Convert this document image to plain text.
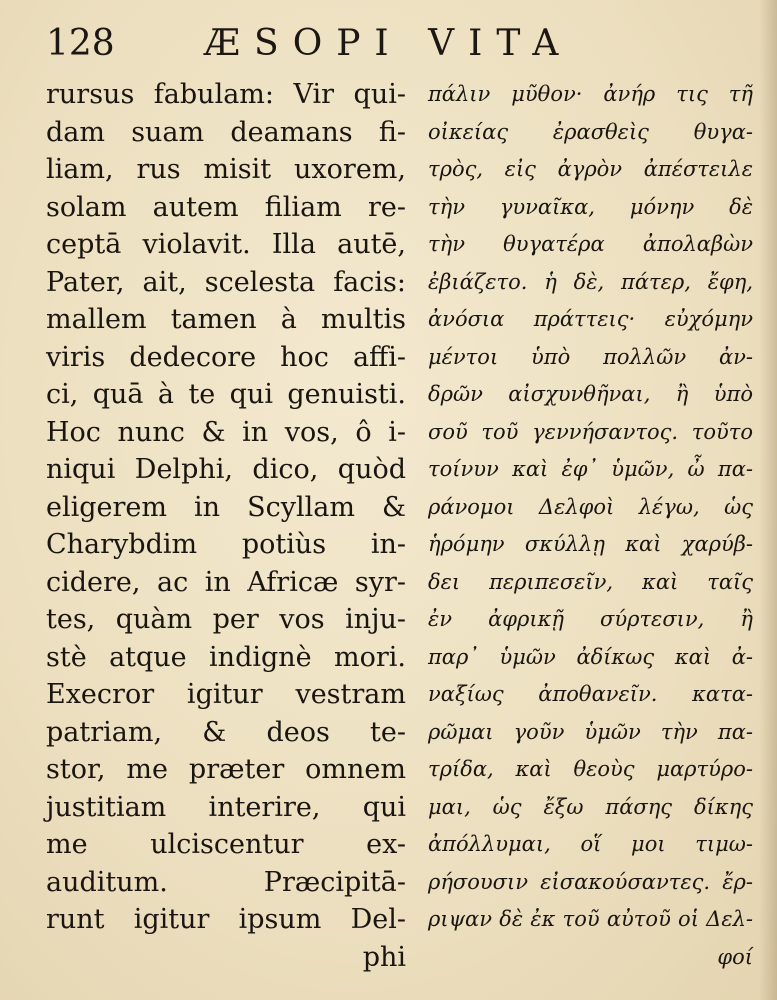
128 ÆSOPI VITA
rursus fabulam: Vir qui-
dam suam deamans fi-
liam, rus misit uxorem,
solam autem filiam re-
ceptā violavit. Illa autē,
Pater, ait, scelesta facis:
mallem tamen à multis
viris dedecore hoc affi-
ci, quā à te qui genuisti.
Hoc nunc & in vos, ô i-
niqui Delphi, dico, quòd
eligerem in Scyllam &
Charybdim potiùs in-
cidere, ac in Africæ syr-
tes, quàm per vos inju-
stè atque indignè mori.
Execror igitur vestram
patriam, & deos te-
stor, me præter omnem
justitiam interire, qui
me ulciscentur ex-
auditum. Præcipitā-
runt igitur ipsum Del-
phi
πάλιν μῦθον· ἀνήρ τις τῆ
οἰκείας ἐρασθεὶς θυγα-
τρὸς, εἰς ἀγρὸν ἀπέστειλε
τὴν γυναῖκα, μόνην δὲ
τὴν θυγατέρα ἀπολαβὼν
ἐβιάζετο. ἡ δὲ, πάτερ, ἔφη,
ἀνόσια πράττεις· εὐχόμην
μέντοι ὑπὸ πολλῶν ἀν-
δρῶν αἰσχυνθῆναι, ἢ ὑπὸ
σοῦ τοῦ γεννήσαντος. τοῦτο
τοίνυν καὶ ἐφ᾽ ὑμῶν, ὦ πα-
ράνομοι Δελφοὶ λέγω, ὡς
ἡρόμην σκύλλῃ καὶ χαρύβ-
δει περιπεσεῖν, καὶ ταῖς
ἐν ἀφρικῇ σύρτεσιν, ἢ
παρ᾽ ὑμῶν ἀδίκως καὶ ἀ-
ναξίως ἀποθανεῖν. κατα-
ρῶμαι γοῦν ὑμῶν τὴν πα-
τρίδα, καὶ θεοὺς μαρτύρο-
μαι, ὡς ἔξω πάσης δίκης
ἀπόλλυμαι, οἵ μοι τιμω-
ρήσουσιν εἰσακούσαντες. ἔρ-
ριψαν δὲ ἐκ τοῦ αὐτοῦ οἱ Δελ-
φοί
